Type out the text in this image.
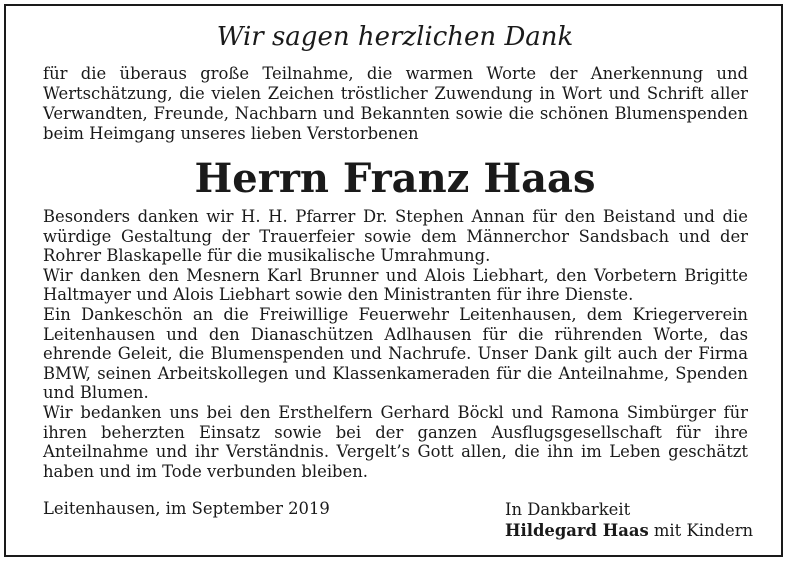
Wir sagen herzlichen Dank
für die überaus große Teilnahme, die warmen Worte der Anerkennung und Wertschätzung, die vielen Zeichen tröstlicher Zuwendung in Wort und Schrift aller Verwandten, Freunde, Nachbarn und Bekannten sowie die schönen Blumenspenden beim Heimgang unseres lieben Verstorbenen
Herrn Franz Haas

Besonders danken wir H. H. Pfarrer Dr. Stephen Annan für den Beistand und die würdige Gestaltung der Trauerfeier sowie dem Männerchor Sandsbach und der Rohrer Blaskapelle für die musikalische Umrahmung.

Wir danken den Mesnern Karl Brunner und Alois Liebhart, den Vorbetern Brigitte Haltmayer und Alois Liebhart sowie den Ministranten für ihre Dienste.

Ein Dankeschön an die Freiwillige Feuerwehr Leitenhausen, dem Kriegerverein Leitenhausen und den Dianaschützen Adlhausen für die rührenden Worte, das ehrende Geleit, die Blumenspenden und Nachrufe. Unser Dank gilt auch der Firma BMW, seinen Arbeitskollegen und Klassenkameraden für die Anteilnahme, Spenden und Blumen.

Wir bedanken uns bei den Ersthelfern Gerhard Böckl und Ramona Simbürger für ihren beherzten Einsatz sowie bei der ganzen Ausflugsgesellschaft für ihre Anteilnahme und ihr Verständnis. Vergelt’s Gott allen, die ihn im Leben geschätzt haben und im Tode verbunden bleiben.

Leitenhausen, im September 2019	In Dankbarkeit
Hildegard Haas mit Kindern
